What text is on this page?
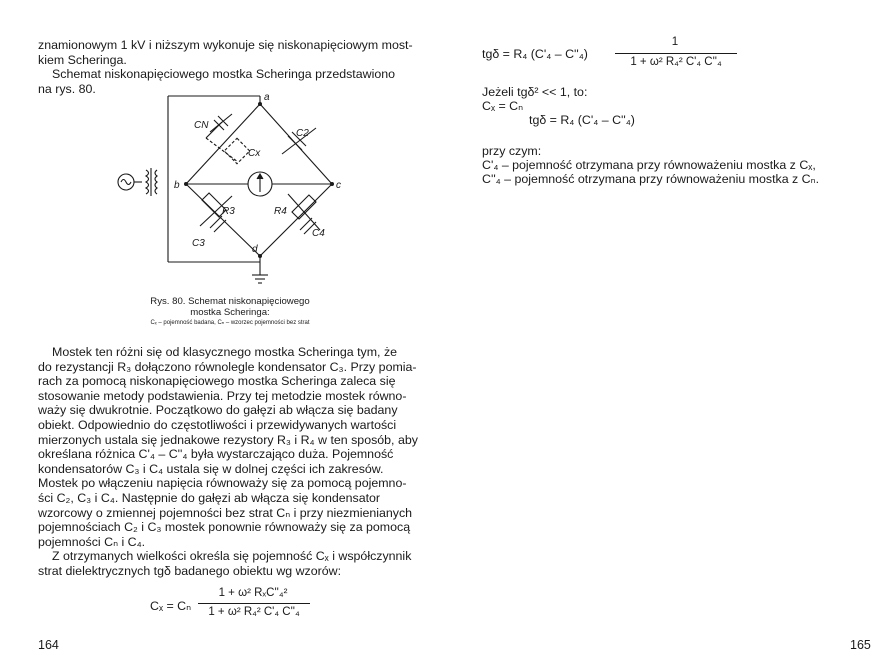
znamionowym 1 kV i niższym wykonuje się niskonapięciowym most-

kiem Scheringa.

Schemat niskonapięciowego mostka Scheringa przedstawiono

na rys. 80.

a
b	c
d
CN
Cx
C2
R3
C3
R4
C4
Rys. 80. Schemat niskonapięciowego
mostka Scheringa:
Cₓ – pojemność badana, Cₙ – wzorzec pojemności bez strat

Mostek ten różni się od klasycznego mostka Scheringa tym, że

do rezystancji R₃ dołączono równolegle kondensator C₃. Przy pomia-

rach za pomocą niskonapięciowego mostka Scheringa zaleca się

stosowanie metody podstawienia. Przy tej metodzie mostek równo-

waży się dwukrotnie. Początkowo do gałęzi ab włącza się badany

obiekt. Odpowiednio do częstotliwości i przewidywanych wartości

mierzonych ustala się jednakowe rezystory R₃ i R₄ w ten sposób, aby

określana różnica C'₄ – C''₄ była wystarczająco duża. Pojemność

kondensatorów C₃ i C₄ ustala się w dolnej części ich zakresów.

Mostek po włączeniu napięcia równoważy się za pomocą pojemno-

ści C₂, C₃ i C₄. Następnie do gałęzi ab włącza się kondensator

wzorcowy o zmiennej pojemności bez strat Cₙ i przy niezmienianych

pojemnościach C₂ i C₃ mostek ponownie równoważy się za pomocą

pojemności Cₙ i C₄.

Z otrzymanych wielkości określa się pojemność Cₓ i współczynnik

strat dielektrycznych tgδ badanego obiektu wg wzorów:

Cₓ = Cₙ
1 + ω² RₓC''₄²
1 + ω² R₄² C'₄ C''₄
164
tgδ = R₄ (C'₄ – C''₄)
1
1 + ω² R₄² C'₄ C''₄
Jeżeli tgδ² << 1, to:
Cₓ = Cₙ
tgδ = R₄ (C'₄ – C''₄)
przy czym:
C'₄ – pojemność otrzymana przy równoważeniu mostka z Cₓ,
C''₄ – pojemność otrzymana przy równoważeniu mostka z Cₙ.
165
